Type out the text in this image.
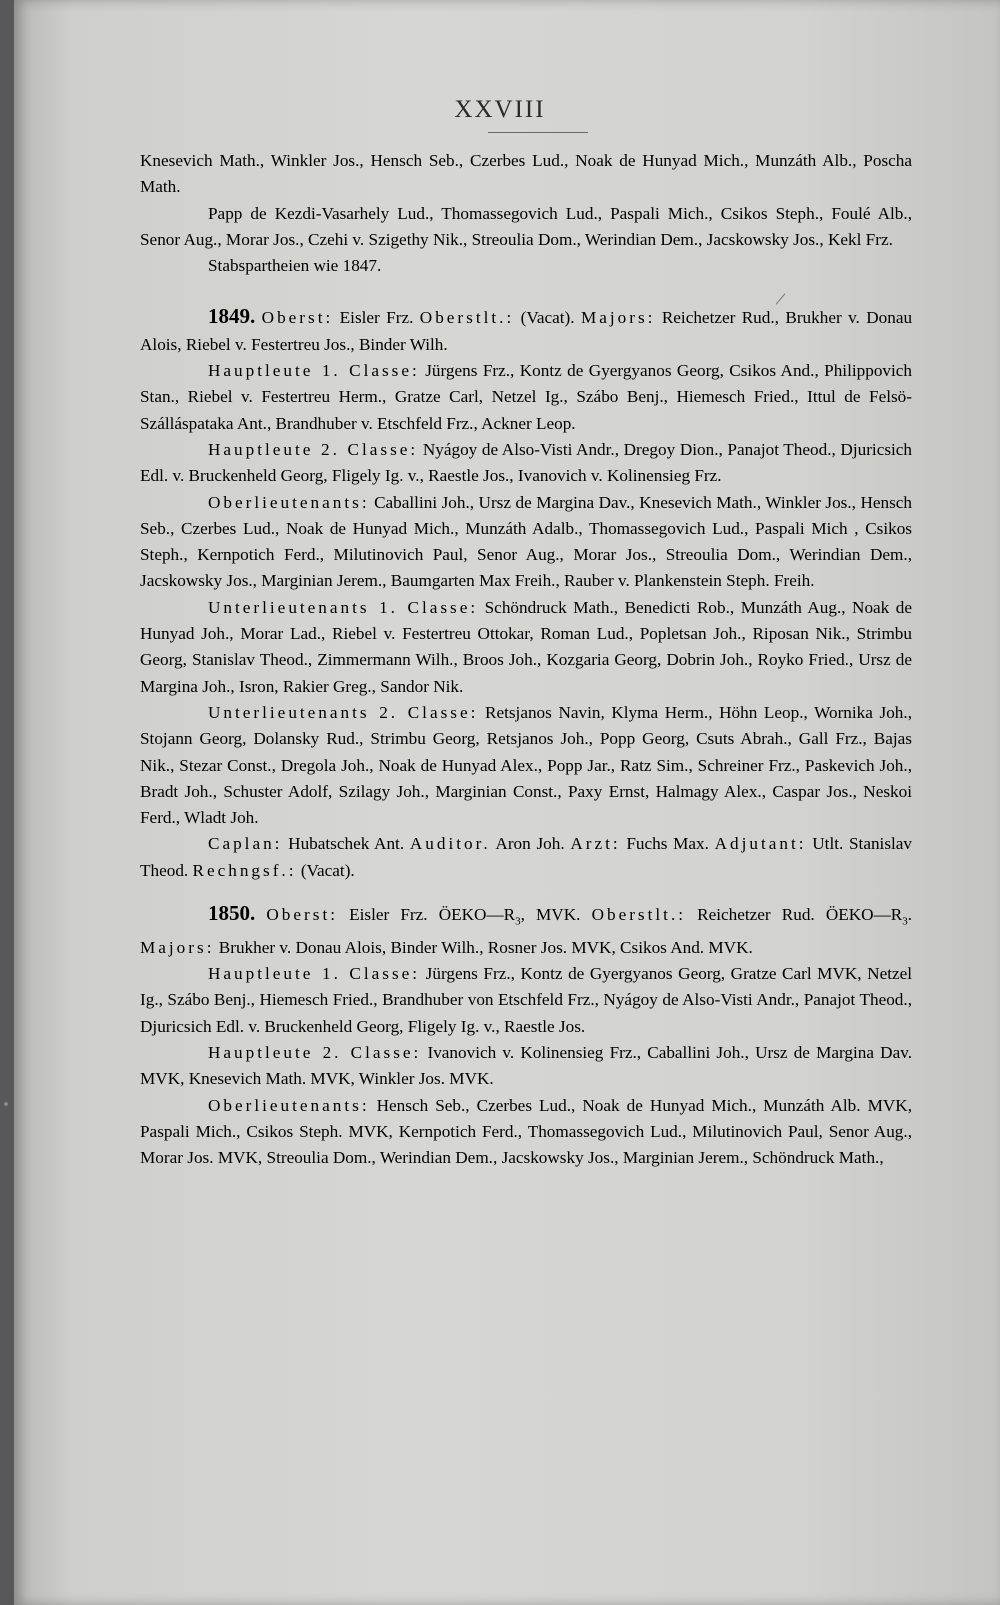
XXVIII

Knesevich Math., Winkler Jos., Hensch Seb., Czerbes Lud., Noak de Hunyad Mich., Munzáth Alb., Poscha Math.

Papp de Kezdi-Vasarhely Lud., Thomassegovich Lud., Paspali Mich., Csikos Steph., Foulé Alb., Senor Aug., Morar Jos., Czehi v. Szigethy Nik., Streoulia Dom., Werindian Dem., Jacskowsky Jos., Kekl Frz.

Stabspartheien wie 1847.

1849. Oberst: Eisler Frz. Oberstlt.: (Vacat). Majors: Reichetzer Rud., Brukher v. Donau Alois, Riebel v. Festertreu Jos., Binder Wilh.

Hauptleute 1. Classe: Jürgens Frz., Kontz de Gyergyanos Georg, Csikos And., Philippovich Stan., Riebel v. Festertreu Herm., Gratze Carl, Netzel Ig., Szábo Benj., Hiemesch Fried., Ittul de Felsö-Szálláspataka Ant., Brandhuber v. Etschfeld Frz., Ackner Leop.

Hauptleute 2. Classe: Nyágoy de Also-Visti Andr., Dregoy Dion., Panajot Theod., Djuricsich Edl. v. Bruckenheld Georg, Fligely Ig. v., Raestle Jos., Ivanovich v. Kolinensieg Frz.

Oberlieutenants: Caballini Joh., Ursz de Margina Dav., Knesevich Math., Winkler Jos., Hensch Seb., Czerbes Lud., Noak de Hunyad Mich., Munzáth Adalb., Thomassegovich Lud., Paspali Mich , Csikos Steph., Kernpotich Ferd., Milutinovich Paul, Senor Aug., Morar Jos., Streoulia Dom., Werindian Dem., Jacskowsky Jos., Marginian Jerem., Baumgarten Max Freih., Rauber v. Plankenstein Steph. Freih.

Unterlieutenants 1. Classe: Schöndruck Math., Benedicti Rob., Munzáth Aug., Noak de Hunyad Joh., Morar Lad., Riebel v. Festertreu Ottokar, Roman Lud., Popletsan Joh., Riposan Nik., Strimbu Georg, Stanislav Theod., Zimmermann Wilh., Broos Joh., Kozgaria Georg, Dobrin Joh., Royko Fried., Ursz de Margina Joh., Isron, Rakier Greg., Sandor Nik.

Unterlieutenants 2. Classe: Retsjanos Navin, Klyma Herm., Höhn Leop., Wornika Joh., Stojann Georg, Dolansky Rud., Strimbu Georg, Retsjanos Joh., Popp Georg, Csuts Abrah., Gall Frz., Bajas Nik., Stezar Const., Dregola Joh., Noak de Hunyad Alex., Popp Jar., Ratz Sim., Schreiner Frz., Paskevich Joh., Bradt Joh., Schuster Adolf, Szilagy Joh., Marginian Const., Paxy Ernst, Halmagy Alex., Caspar Jos., Neskoi Ferd., Wladt Joh.

Caplan: Hubatschek Ant. Auditor. Aron Joh. Arzt: Fuchs Max. Adjutant: Utlt. Stanislav Theod. Rechngsf.: (Vacat).

1850. Oberst: Eisler Frz. $ÖEKO—R_3$, MVK. Oberstlt.: Reichetzer Rud. $ÖEKO—R_3$. Majors: Brukher v. Donau Alois, Binder Wilh., Rosner Jos. MVK, Csikos And. MVK.

Hauptleute 1. Classe: Jürgens Frz., Kontz de Gyergyanos Georg, Gratze Carl MVK, Netzel Ig., Szábo Benj., Hiemesch Fried., Brandhuber von Etschfeld Frz., Nyágoy de Also-Visti Andr., Panajot Theod., Djuricsich Edl. v. Bruckenheld Georg, Fligely Ig. v., Raestle Jos.

Hauptleute 2. Classe: Ivanovich v. Kolinensieg Frz., Caballini Joh., Ursz de Margina Dav. MVK, Knesevich Math. MVK, Winkler Jos. MVK.

Oberlieutenants: Hensch Seb., Czerbes Lud., Noak de Hunyad Mich., Munzáth Alb. MVK, Paspali Mich., Csikos Steph. MVK, Kernpotich Ferd., Thomassegovich Lud., Milutinovich Paul, Senor Aug., Morar Jos. MVK, Streoulia Dom., Werindian Dem., Jacskowsky Jos., Marginian Jerem., Schöndruck Math.,
